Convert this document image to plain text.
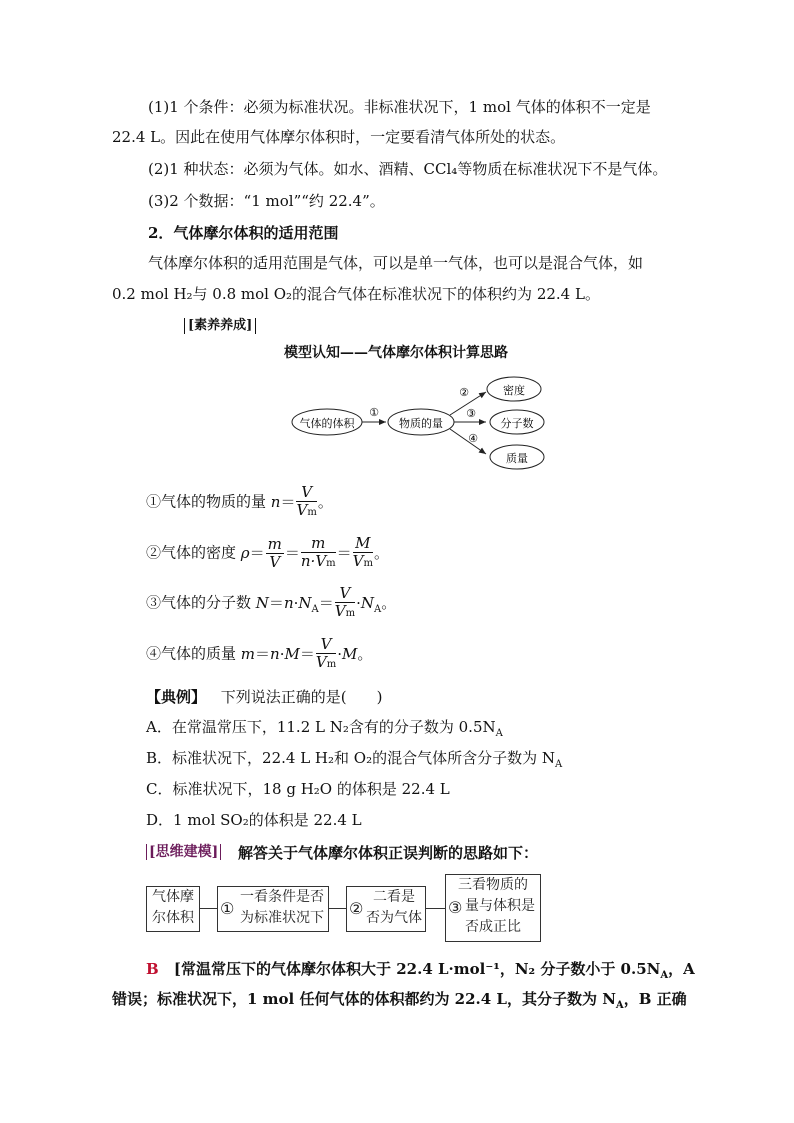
(1)1 个条件：必须为标准状况。非标准状况下，1 mol 气体的体积不一定是
22.4 L。因此在使用气体摩尔体积时，一定要看清气体所处的状态。
(2)1 种状态：必须为气体。如水、酒精、CCl₄等物质在标准状况下不是气体。
(3)2 个数据：“1 mol”“约 22.4”。
2．气体摩尔体积的适用范围
气体摩尔体积的适用范围是气体，可以是单一气体，也可以是混合气体，如
0.2 mol H₂与 0.8 mol O₂的混合气体在标准状况下的体积约为 22.4 L。
[素养养成]
模型认知——气体摩尔体积计算思路
气体的体积
①
物质的量
②
③
④
密度
分子数
质量
①气体的物质的量 $n= \frac{V}{Vm}$ 。
②气体的密度 $\rho= \frac{m}{V} = \frac{m}{n\cdot Vm} = \frac{M}{Vm}$ 。
③气体的分子数 $N=n\cdot N_A= \frac{V}{Vm} \cdot N_A$。
④气体的质量 $m=n\cdot M= \frac{V}{Vm} \cdot M$。
【典例】 下列说法正确的是(　　)
A．在常温常压下，11.2 L N₂含有的分子数为 $0.5N_A$
B．标准状况下，22.4 L H₂和 O₂的混合气体所含分子数为 $N_A$
C．标准状况下，18 g H₂O 的体积是 22.4 L
D．1 mol SO₂的体积是 22.4 L
[思维建模] 解答关于气体摩尔体积正误判断的思路如下：
气体摩
尔体积	①
一看条件是否
为标准状况下 ②
二看是
否为气体
③
三看物质的
量与体积是
否成正比
B [常温常压下的气体摩尔体积大于 22.4 L·mol⁻¹，N₂ 分子数小于 $0.5N_A$，A
错误；标准状况下，1 mol 任何气体的体积都约为 22.4 L，其分子数为 $N_A$，B 正确
